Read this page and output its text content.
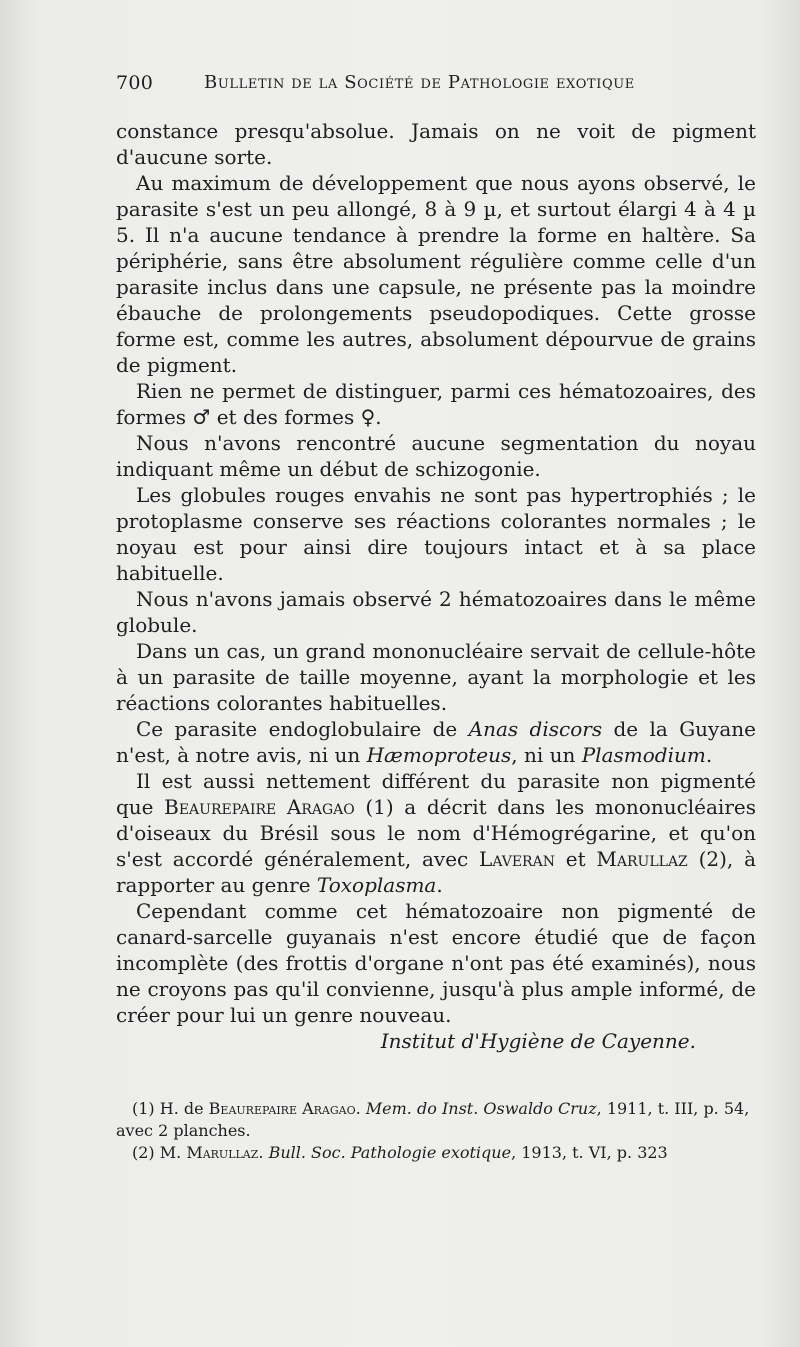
700	Bulletin de la Société de Pathologie exotique

constance presqu'absolue. Jamais on ne voit de pigment d'aucune sorte.

Au maximum de développement que nous ayons observé, le parasite s'est un peu allongé, 8 à 9 µ, et surtout élargi 4 à 4 µ 5. Il n'a aucune tendance à prendre la forme en haltère. Sa périphérie, sans être absolument régulière comme celle d'un parasite inclus dans une capsule, ne présente pas la moindre ébauche de prolongements pseudopodiques. Cette grosse forme est, comme les autres, absolument dépourvue de grains de pigment.

Rien ne permet de distinguer, parmi ces hématozoaires, des formes ♂ et des formes ♀.

Nous n'avons rencontré aucune segmentation du noyau indiquant même un début de schizogonie.

Les globules rouges envahis ne sont pas hypertrophiés ; le protoplasme conserve ses réactions colorantes normales ; le noyau est pour ainsi dire toujours intact et à sa place habituelle.

Nous n'avons jamais observé 2 hématozoaires dans le même globule.

Dans un cas, un grand mononucléaire servait de cellule-hôte à un parasite de taille moyenne, ayant la morphologie et les réactions colorantes habituelles.

Ce parasite endoglobulaire de Anas discors de la Guyane n'est, à notre avis, ni un Hæmoproteus, ni un Plasmodium.

Il est aussi nettement différent du parasite non pigmenté que Beaurepaire Aragao (1) a décrit dans les mononucléaires d'oiseaux du Brésil sous le nom d'Hémogrégarine, et qu'on s'est accordé généralement, avec Laveran et Marullaz (2), à rapporter au genre Toxoplasma.

Cependant comme cet hématozoaire non pigmenté de canard-sarcelle guyanais n'est encore étudié que de façon incomplète (des frottis d'organe n'ont pas été examinés), nous ne croyons pas qu'il convienne, jusqu'à plus ample informé, de créer pour lui un genre nouveau.

Institut d'Hygiène de Cayenne.

(1) H. de Beaurepaire Aragao. Mem. do Inst. Oswaldo Cruz, 1911, t. III, p. 54, avec 2 planches.

(2) M. Marullaz. Bull. Soc. Pathologie exotique, 1913, t. VI, p. 323
